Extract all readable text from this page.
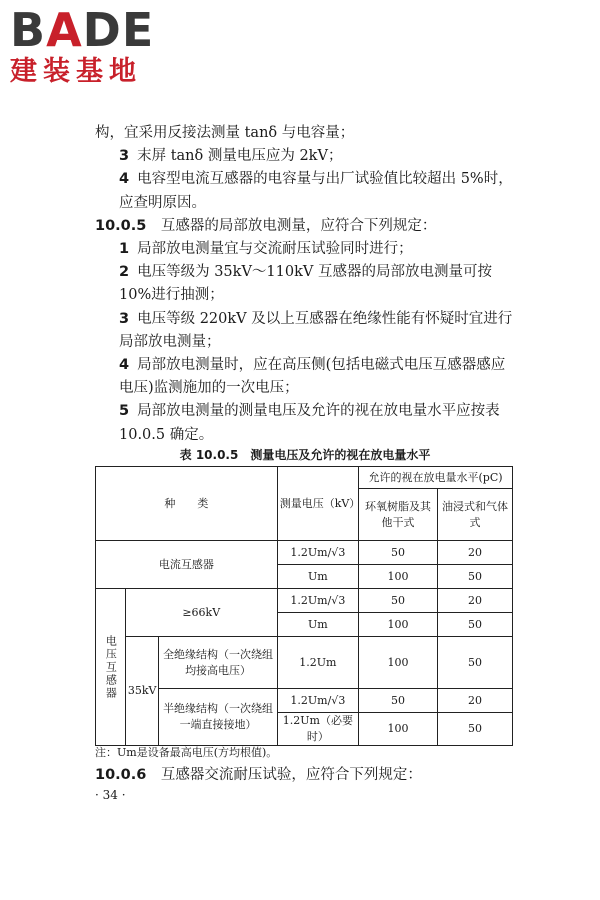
BADE
建装基地

构，宜采用反接法测量 tanδ 与电容量；

3 末屏 tanδ 测量电压应为 2kV；

4 电容型电流互感器的电容量与出厂试验值比较超出 5%时，应查明原因。

10.0.5　 互感器的局部放电测量，应符合下列规定：

1 局部放电测量宜与交流耐压试验同时进行；

2 电压等级为 35kV～110kV 互感器的局部放电测量可按10%进行抽测；

3 电压等级 220kV 及以上互感器在绝缘性能有怀疑时宜进行局部放电测量；

4 局部放电测量时，应在高压侧(包括电磁式电压互感器感应电压)监测施加的一次电压；

5 局部放电测量的测量电压及允许的视在放电量水平应按表 10.0.5 确定。

表 10.0.5　测量电压及允许的视在放电量水平
种　　类			测量电压（kV）	允许的视在放电量水平(pC)	
				环氧树脂及其他干式	油浸式和气体式
电流互感器			1.2Um/√3	50	20
			Um	100	50
电压互感器	≥66kV		1.2Um/√3	50	20
			Um	100	50
	35kV	全绝缘结构（一次绕组均接高电压）	1.2Um	100	50
		半绝缘结构（一次绕组一端直接接地）	1.2Um/√3	50	20
			1.2Um（必要时）	100	50
注：Um是设备最高电压(方均根值)。
10.0.6　 互感器交流耐压试验，应符合下列规定：
· 34 ·
